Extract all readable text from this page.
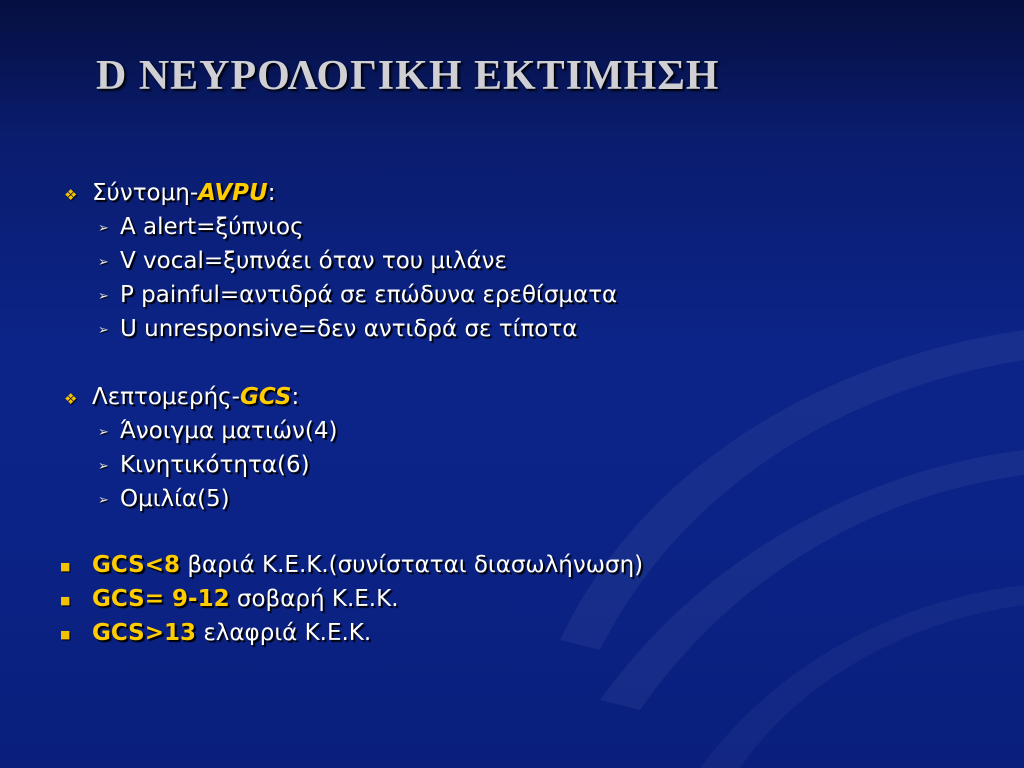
D ΝΕΥΡΟΛΟΓΙΚΗ ΕΚΤΙΜΗΣΗ
❖ Σύντομη-AVPU:
➢ A alert=ξύπνιος
➢ V vocal=ξυπνάει όταν του μιλάνε
➢ P painful=αντιδρά σε επώδυνα ερεθίσματα
➢ U unresponsive=δεν αντιδρά σε τίποτα
❖ Λεπτομερής-GCS:
➢ Άνοιγμα ματιών(4)
➢ Κινητικότητα(6)
➢ Ομιλία(5)
■ GCS<8 βαριά Κ.Ε.Κ.(συνίσταται διασωλήνωση)
■ GCS= 9-12 σοβαρή Κ.Ε.Κ.
■ GCS>13 ελαφριά Κ.Ε.Κ.
